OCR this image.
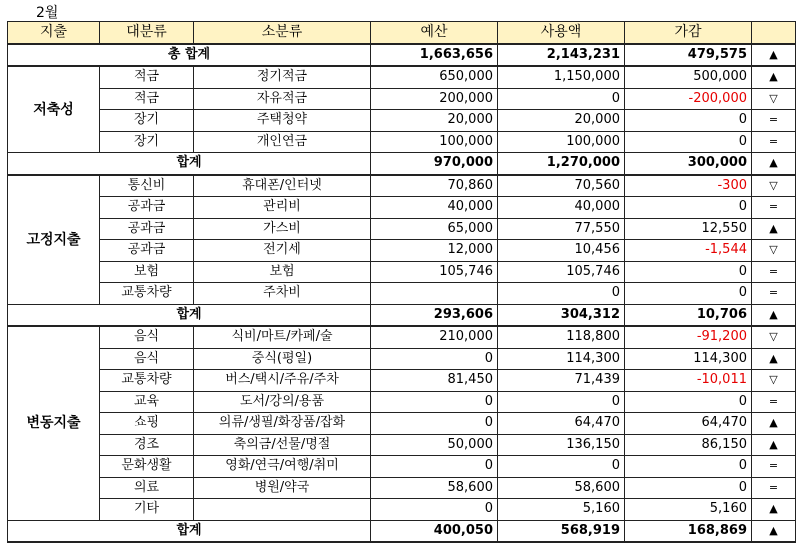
2월
지출	대분류	소분류	예산	사용액	가감	
총 합계			1,663,656	2,143,231	479,575	▲
저축성	적금	정기적금	650,000	1,150,000	500,000	▲
	적금	자유적금	200,000	0	-200,000	▽
	장기	주택청약	20,000	20,000	0	=
	장기	개인연금	100,000	100,000	0	=
합계			970,000	1,270,000	300,000	▲
고정지출	통신비	휴대폰/인터넷	70,860	70,560	-300	▽
	공과금	관리비	40,000	40,000	0	=
	공과금	가스비	65,000	77,550	12,550	▲
	공과금	전기세	12,000	10,456	-1,544	▽
	보험	보험	105,746	105,746	0	=
	교통차량	주차비		0	0	=
합계			293,606	304,312	10,706	▲
변동지출	음식	식비/마트/카페/술	210,000	118,800	-91,200	▽
	음식	중식(평일)	0	114,300	114,300	▲
	교통차량	버스/택시/주유/주차	81,450	71,439	-10,011	▽
	교육	도서/강의/용품	0	0	0	=
	쇼핑	의류/생필/화장품/잡화	0	64,470	64,470	▲
	경조	축의금/선물/명절	50,000	136,150	86,150	▲
	문화생활	영화/연극/여행/취미	0	0	0	=
	의료	병원/약국	58,600	58,600	0	=
	기타		0	5,160	5,160	▲
합계			400,050	568,919	168,869	▲
